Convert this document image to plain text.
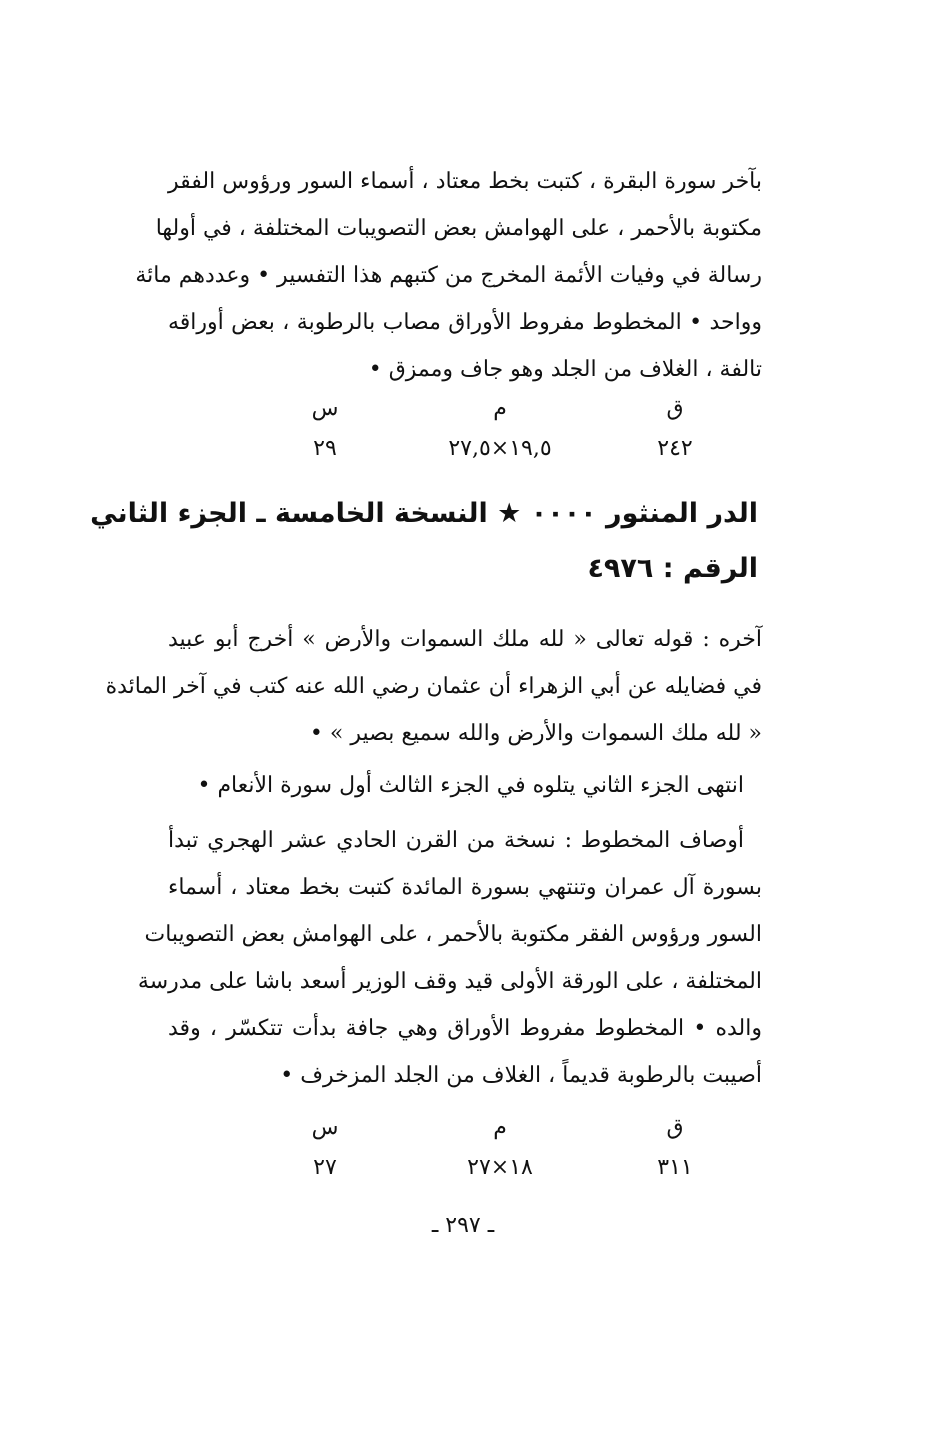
بآخر سورة البقرة ، كتبت بخط معتاد ، أسماء السور ورؤوس الفقر
مكتوبة بالأحمر ، على الهوامش بعض التصويبات المختلفة ، في أولها
رسالة في وفيات الأئمة المخرج من كتبهم هذا التفسير • وعددهم مائة
وواحد • المخطوط مفروط الأوراق مصاب بالرطوبة ، بعض أوراقه
تالفة ، الغلاف من الجلد وهو جاف وممزق •
ق
م
س
٢٤٢
١٩,٥×٢٧,٥
٢٩
الدر المنثور ٠٠٠٠ ★ النسخة الخامسة ـ الجزء الثاني
الرقم : ٤٩٧٦
آخره : قوله تعالى « لله ملك السموات والأرض » أخرج أبو عبيد
في فضايله عن أبي الزهراء أن عثمان رضي الله عنه كتب في آخر المائدة
« لله ملك السموات والأرض والله سميع بصير » •
انتهى الجزء الثاني يتلوه في الجزء الثالث أول سورة الأنعام •
أوصاف المخطوط : نسخة من القرن الحادي عشر الهجري تبدأ
بسورة آل عمران وتنتهي بسورة المائدة كتبت بخط معتاد ، أسماء
السور ورؤوس الفقر مكتوبة بالأحمر ، على الهوامش بعض التصويبات
المختلفة ، على الورقة الأولى قيد وقف الوزير أسعد باشا على مدرسة
والده • المخطوط مفروط الأوراق وهي جافة بدأت تتكسّر ، وقد
أصيبت بالرطوبة قديماً ، الغلاف من الجلد المزخرف •
ق
م
س
٣١١
١٨×٢٧
٢٧
ـ ٢٩٧ ـ
